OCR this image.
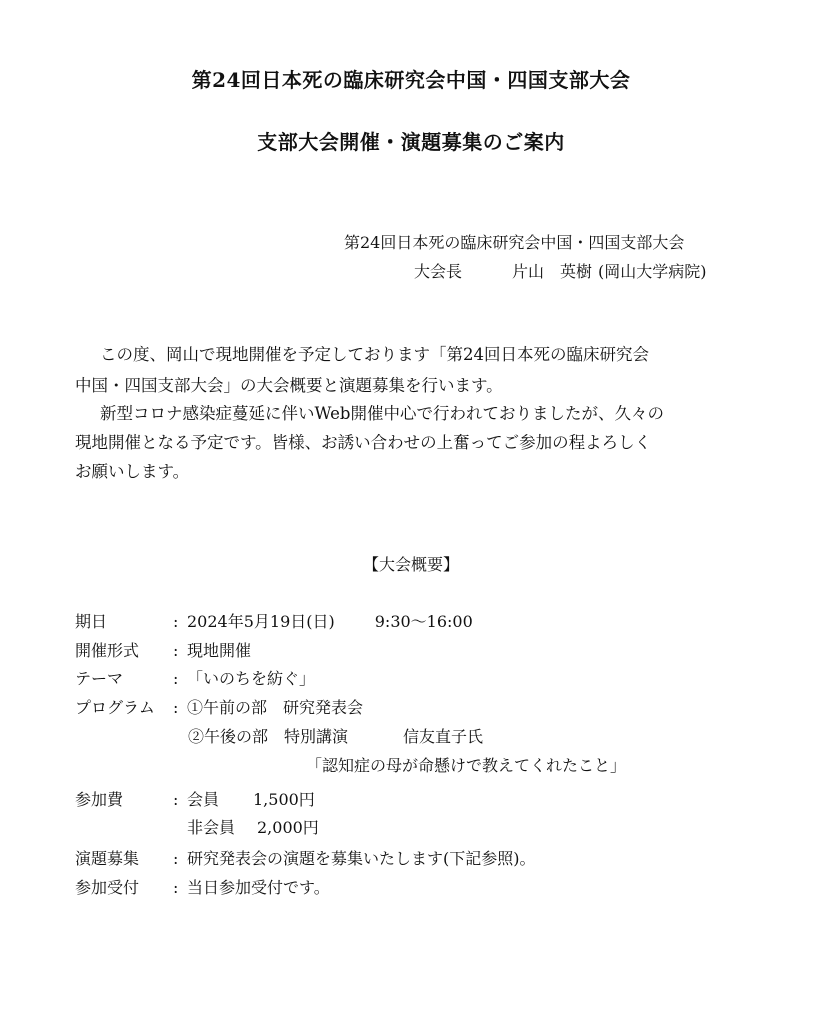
第24回日本死の臨床研究会中国・四国支部大会
支部大会開催・演題募集のご案内
第24回日本死の臨床研究会中国・四国支部大会
大会長	片山　英樹 (岡山大学病院)
この度、岡山で現地開催を予定しております「第24回日本死の臨床研究会
中国・四国支部大会」の大会概要と演題募集を行います。
新型コロナ感染症蔓延に伴いWeb開催中心で行われておりましたが、久々の
現地開催となる予定です。皆様、お誘い合わせの上奮ってご参加の程よろしく
お願いします。
【大会概要】
期日	: 2024年5月19日(日)	9:30〜16:00
開催形式 : 現地開催
テーマ	: 「いのちを紡ぐ」
プログラム : ①午前の部　研究発表会
②午後の部　特別講演	信友直子氏
「認知症の母が命懸けで教えてくれたこと」
参加費	: 会員 1,500円
非会員 2,000円
演題募集 : 研究発表会の演題を募集いたします(下記参照)。
参加受付 : 当日参加受付です。
